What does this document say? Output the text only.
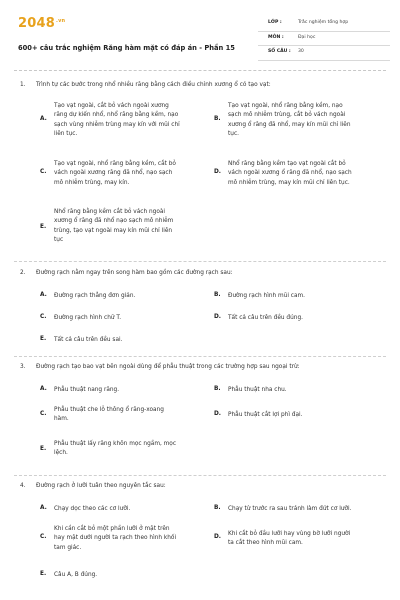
$2048^{.vn}$
600+ câu trắc nghiệm Răng hàm mặt có đáp án - Phần 15
LỚP :	Trắc nghiệm tổng hợp
MÔN :	Đại học
SỐ CÂU : 30
1. Trình tự các bước trong nhổ nhiều răng bằng cách điều chỉnh xương ổ có tạo vạt:
A.
Tạo vạt ngoài, cắt bỏ vách ngoài xương
răng dự kiến nhổ, nhổ răng bằng kềm, nạo
sạch vùng nhiễm trùng may kín với mũi chỉ
liên tục.
B.
Tạo vạt ngoài, nhổ răng bằng kềm, nạo
sạch mô nhiễm trùng, cắt bỏ vách ngoài
xương ổ răng đã nhổ, may kín mũi chỉ liên
tục.
C.
Tạo vạt ngoài, nhổ răng bằng kềm, cắt bỏ
vách ngoài xương răng đã nhổ, nạo sạch
mô nhiễm trùng, may kín.
D.
Nhổ răng bằng kềm tạo vạt ngoài cắt bỏ
vách ngoài xương ổ răng đã nhổ, nạo sạch
mô nhiễm trùng, may kín mũi chỉ liên tục.
E.
Nhổ răng bằng kềm cắt bỏ vách ngoài
xương ổ răng đã nhổ nạo sạch mô nhiễm
trùng, tạo vạt ngoài may kín mũi chỉ liên
tục
2. Đường rạch nằm ngay trên song hàm bao gồm các đường rạch sau:
A. Đường rạch thẳng đơn giản.	B. Đường rạch hình mũi cam.
C. Đường rạch hình chữ T.	D. Tất cả câu trên đều đúng.
E. Tất cả câu trên đều sai.
3. Đường rạch tạo bao vạt bên ngoài dùng để phẫu thuật trong các trường hợp sau ngoại trừ:
A. Phẫu thuật nang răng.	B. Phẫu thuật nha chu.
C.
Phẫu thuật che lỗ thông ổ răng-xoang
hàm.
D. Phẫu thuật cắt lợi phì đại.
E.
Phẫu thuật lấy răng khôn mọc ngầm, mọc
lệch.
4. Đường rạch ở lưỡi tuân theo nguyên tắc sau:
A. Chạy dọc theo các cơ lưỡi.	B. Chạy từ trước ra sau tránh làm đứt cơ lưỡi.
C.
Khi cần cắt bỏ một phần lưỡi ở mặt trên
hay mặt dưới người ta rạch theo hình khối
tam giác.
D. Khi cắt bỏ đầu lưỡi hay vùng bờ lưỡi người
ta cắt theo hình mũi cam.
E. Câu A, B đúng.
